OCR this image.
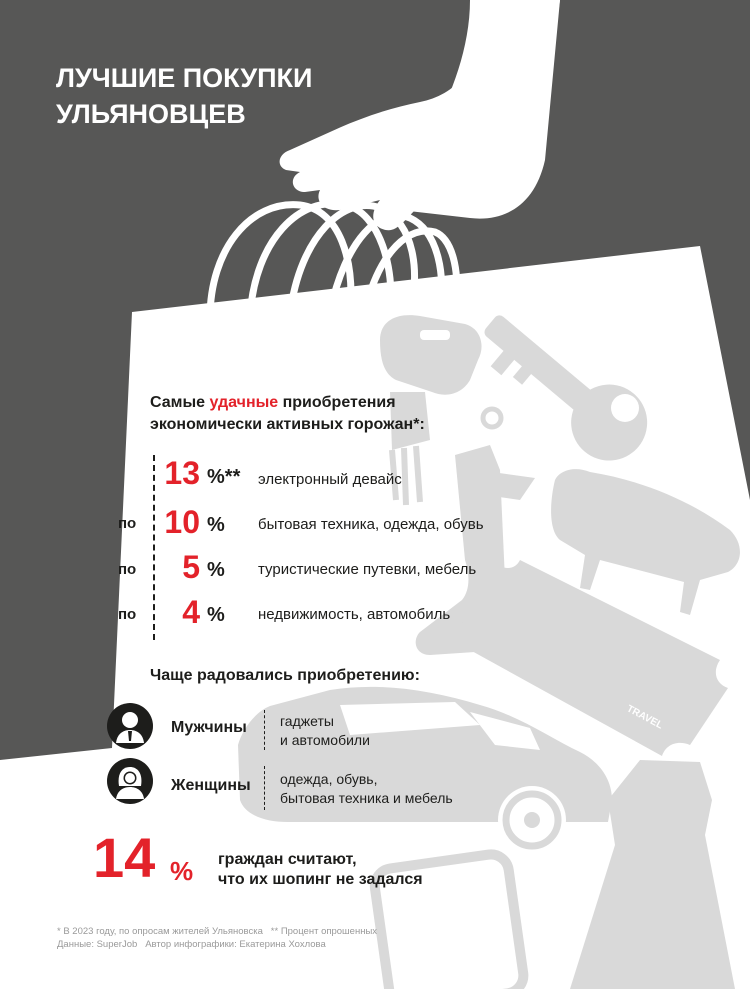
ЛУЧШИЕ ПОКУПКИ
УЛЬЯНОВЦЕВ
Самые удачные приобретения
экономически активных горожан*:
13 %** электронный девайс
по 10 % бытовая техника, одежда, обувь
по	5 % туристические путевки, мебель
по	4 % недвижимость, автомобиль
Чаще радовались приобретению:
Мужчины гаджеты
и автомобили
Женщины одежда, обувь,
бытовая техника и мебель
14 % граждан считают,
что их шопинг не задался
TRAVEL
* В 2023 году, по опросам жителей Ульяновска ** Процент опрошенных
Данные: SuperJob Автор инфографики: Екатерина Хохлова
